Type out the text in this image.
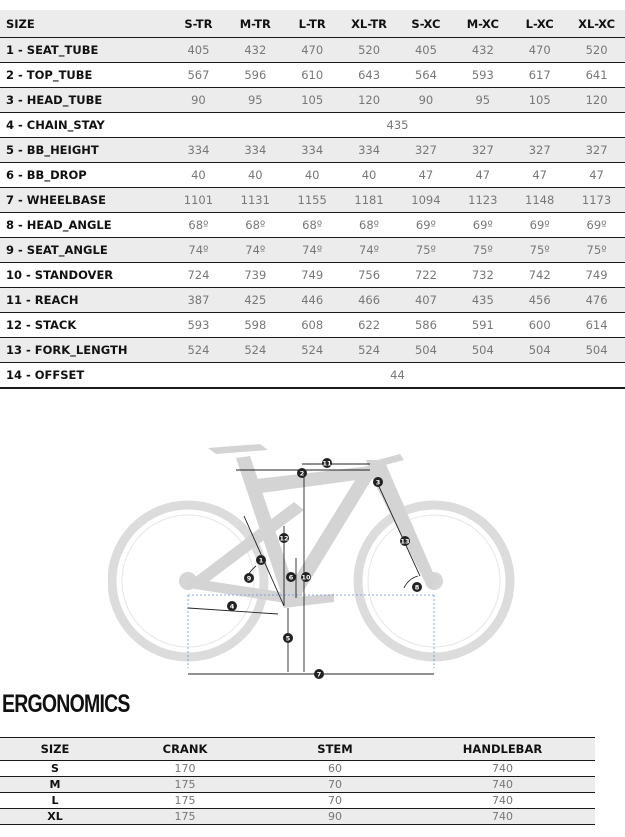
SIZE	S-TR	M-TR	L-TR	XL-TR	S-XC	M-XC	L-XC	XL-XC
1 - SEAT_TUBE	405	432	470	520	405	432	470	520
2 - TOP_TUBE	567	596	610	643	564	593	617	641
3 - HEAD_TUBE	90	95	105	120	90	95	105	120
4 - CHAIN_STAY	435							
5 - BB_HEIGHT	334	334	334	334	327	327	327	327
6 - BB_DROP	40	40	40	40	47	47	47	47
7 - WHEELBASE	1101	1131	1155	1181	1094	1123	1148	1173
8 - HEAD_ANGLE	68º	68º	68º	68º	69º	69º	69º	69º
9 - SEAT_ANGLE	74º	74º	74º	74º	75º	75º	75º	75º
10 - STANDOVER	724	739	749	756	722	732	742	749
11 - REACH	387	425	446	466	407	435	456	476
12 - STACK	593	598	608	622	586	591	600	614
13 - FORK_LENGTH	524	524	524	524	504	504	504	504
14 - OFFSET	44							
1
2
3
4
5
6
7
8
9	10
11
12	13
ERGONOMICS
SIZE	CRANK	STEM	HANDLEBAR
S	170	60	740
M	175	70	740
L	175	70	740
XL	175	90	740
